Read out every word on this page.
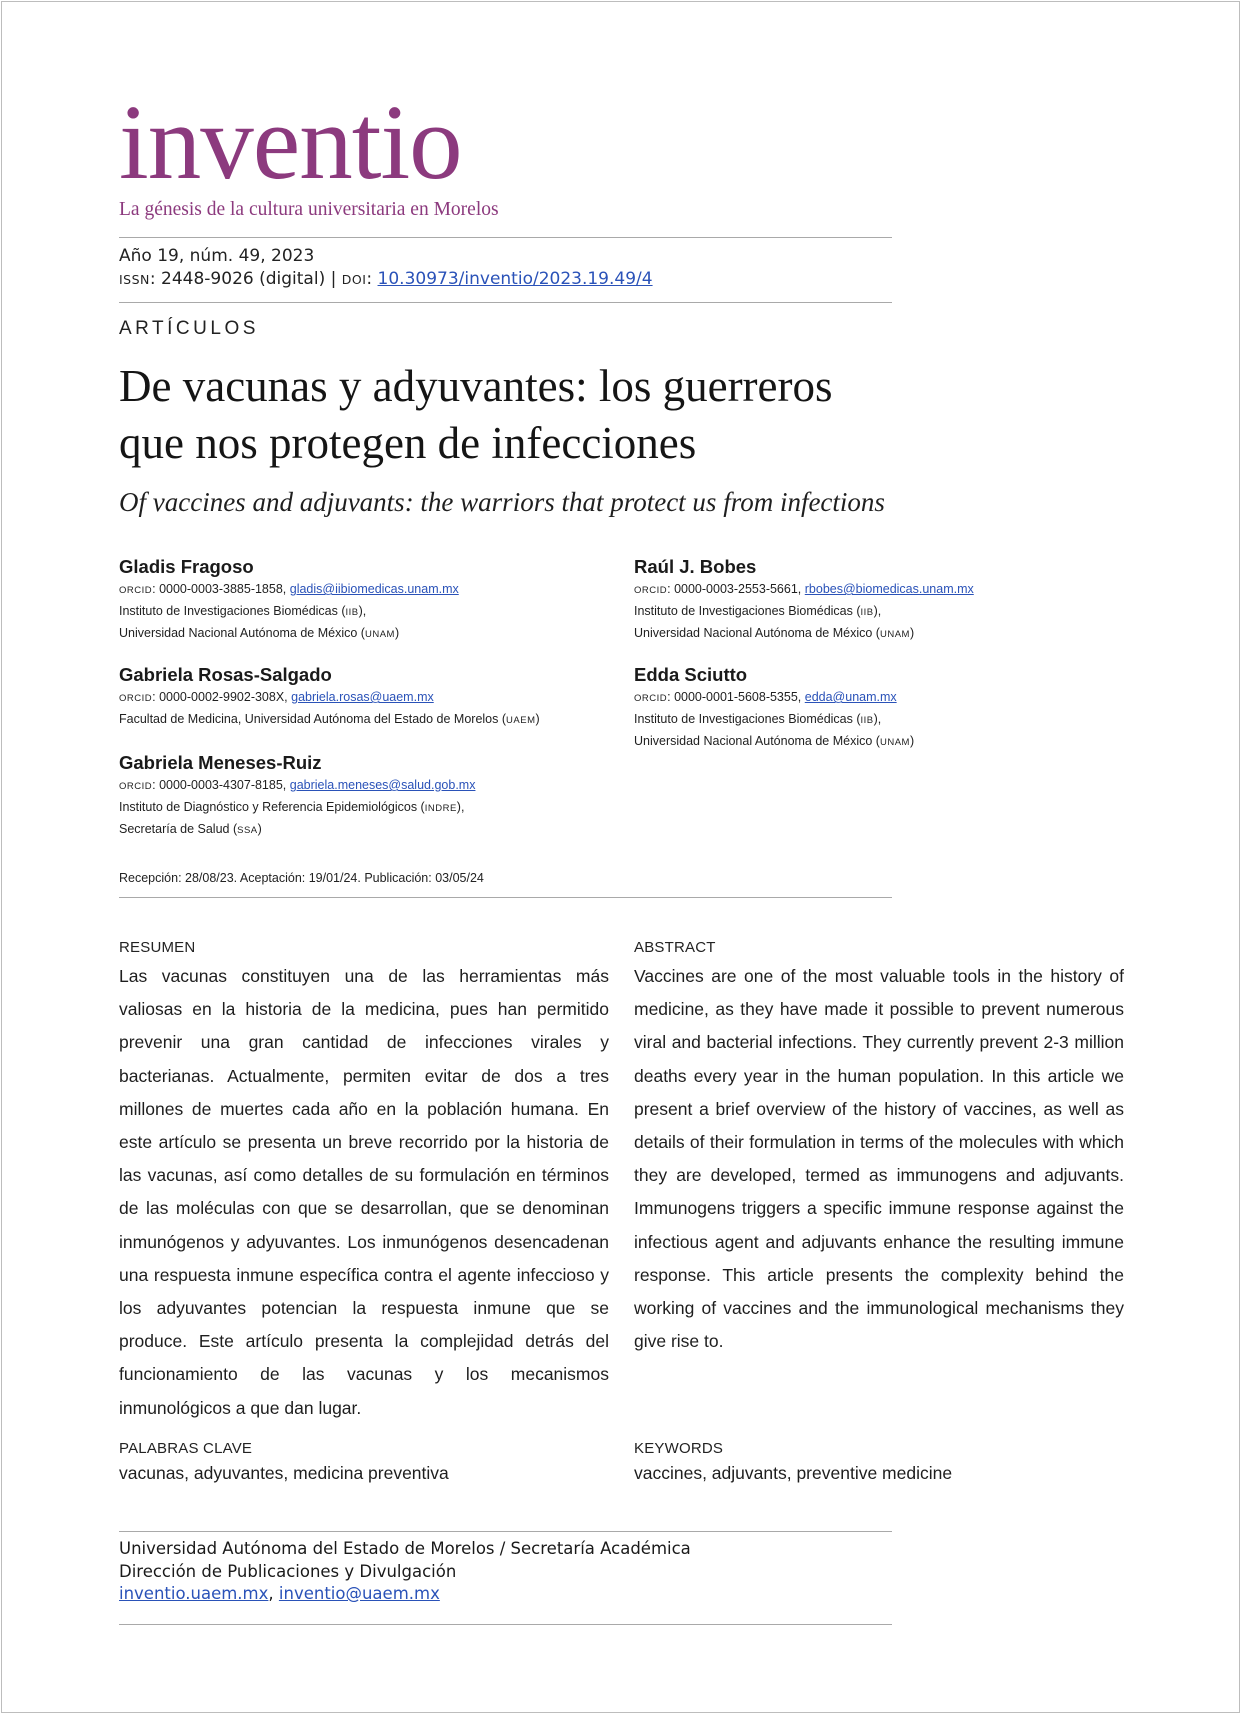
inventio
La génesis de la cultura universitaria en Morelos
Año 19, núm. 49, 2023
ISSN: 2448-9026 (digital) | DOI: 10.30973/inventio/2023.19.49/4
ARTÍCULOS
De vacunas y adyuvantes: los guerreros
que nos protegen de infecciones
Of vaccines and adjuvants: the warriors that protect us from infections
Gladis Fragoso
ORCID: 0000-0003-3885-1858, gladis@iibiomedicas.unam.mx
Instituto de Investigaciones Biomédicas (IIB),
Universidad Nacional Autónoma de México (UNAM)
Raúl J. Bobes
ORCID: 0000-0003-2553-5661, rbobes@biomedicas.unam.mx
Instituto de Investigaciones Biomédicas (IIB),
Universidad Nacional Autónoma de México (UNAM)
Gabriela Rosas-Salgado
ORCID: 0000-0002-9902-308X, gabriela.rosas@uaem.mx
Facultad de Medicina, Universidad Autónoma del Estado de Morelos (UAEM)
Edda Sciutto
ORCID: 0000-0001-5608-5355, edda@unam.mx
Instituto de Investigaciones Biomédicas (IIB),
Universidad Nacional Autónoma de México (UNAM)
Gabriela Meneses-Ruiz
ORCID: 0000-0003-4307-8185, gabriela.meneses@salud.gob.mx
Instituto de Diagnóstico y Referencia Epidemiológicos (INDRE),
Secretaría de Salud (SSA)
Recepción: 28/08/23. Aceptación: 19/01/24. Publicación: 03/05/24
RESUMEN
Las vacunas constituyen una de las herramientas más valiosas en la historia de la medicina, pues han permitido prevenir una gran cantidad de infecciones virales y bacterianas. Actualmente, permiten evitar de dos a tres millones de muertes cada año en la población humana. En este artículo se presenta un breve recorrido por la historia de las vacunas, así como detalles de su formulación en términos de las moléculas con que se desarrollan, que se denominan inmunógenos y adyuvantes. Los inmunógenos desencadenan una respuesta inmune específica contra el agente infeccioso y los adyuvantes potencian la respuesta inmune que se produce. Este artículo presenta la complejidad detrás del funcionamiento de las vacunas y los mecanismos inmunológicos a que dan lugar.
ABSTRACT
Vaccines are one of the most valuable tools in the history of medicine, as they have made it possible to prevent numerous viral and bacterial infections. They currently prevent 2-3 million deaths every year in the human population. In this article we present a brief overview of the history of vaccines, as well as details of their formulation in terms of the molecules with which they are developed, termed as immunogens and adjuvants. Immunogens triggers a specific immune response against the infectious agent and adjuvants enhance the resulting immune response. This article presents the complexity behind the working of vaccines and the immunological mechanisms they give rise to.
PALABRAS CLAVE
vacunas, adyuvantes, medicina preventiva
KEYWORDS
vaccines, adjuvants, preventive medicine
Universidad Autónoma del Estado de Morelos / Secretaría Académica
Dirección de Publicaciones y Divulgación
inventio.uaem.mx, inventio@uaem.mx
